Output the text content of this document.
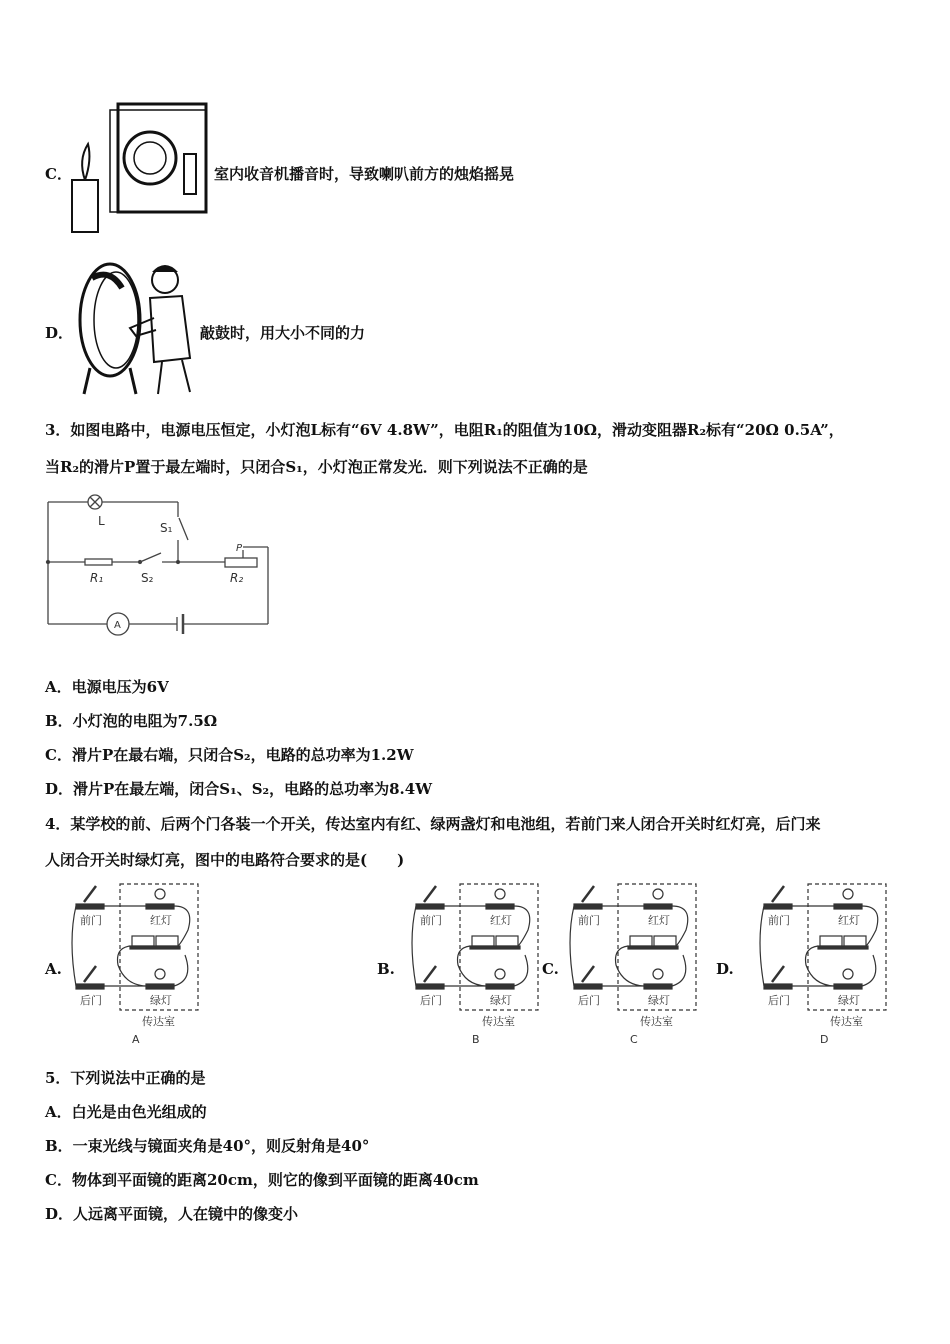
C．	室内收音机播音时，导致喇叭前方的烛焰摇晃
D．	敲鼓时，用大小不同的力
3．如图电路中，电源电压恒定，小灯泡L标有“6V 4.8W”，电阻R₁的阻值为10Ω，滑动变阻器R₂标有“20Ω 0.5A”，
当R₂的滑片P置于最左端时，只闭合S₁，小灯泡正常发光．则下列说法不正确的是
L	S₁
R₁	S₂
P
R₂
A
A．电源电压为6V
B．小灯泡的电阻为7.5Ω
C．滑片P在最右端，只闭合S₂，电路的总功率为1.2W
D．滑片P在最左端，闭合S₁、S₂，电路的总功率为8.4W
4．某学校的前、后两个门各装一个开关，传达室内有红、绿两盏灯和电池组，若前门来人闭合开关时红灯亮，后门来
人闭合开关时绿灯亮，图中的电路符合要求的是(　　)
A.
前门	红灯
后门	绿灯
传达室
A
B.
前门	红灯
后门	绿灯
传达室
B
C.
前门	红灯
后门	绿灯
传达室
C
D.
前门	红灯
后门	绿灯
传达室
D
5．下列说法中正确的是
A．白光是由色光组成的
B．一束光线与镜面夹角是40°，则反射角是40°
C．物体到平面镜的距离20cm，则它的像到平面镜的距离40cm
D．人远离平面镜，人在镜中的像变小
